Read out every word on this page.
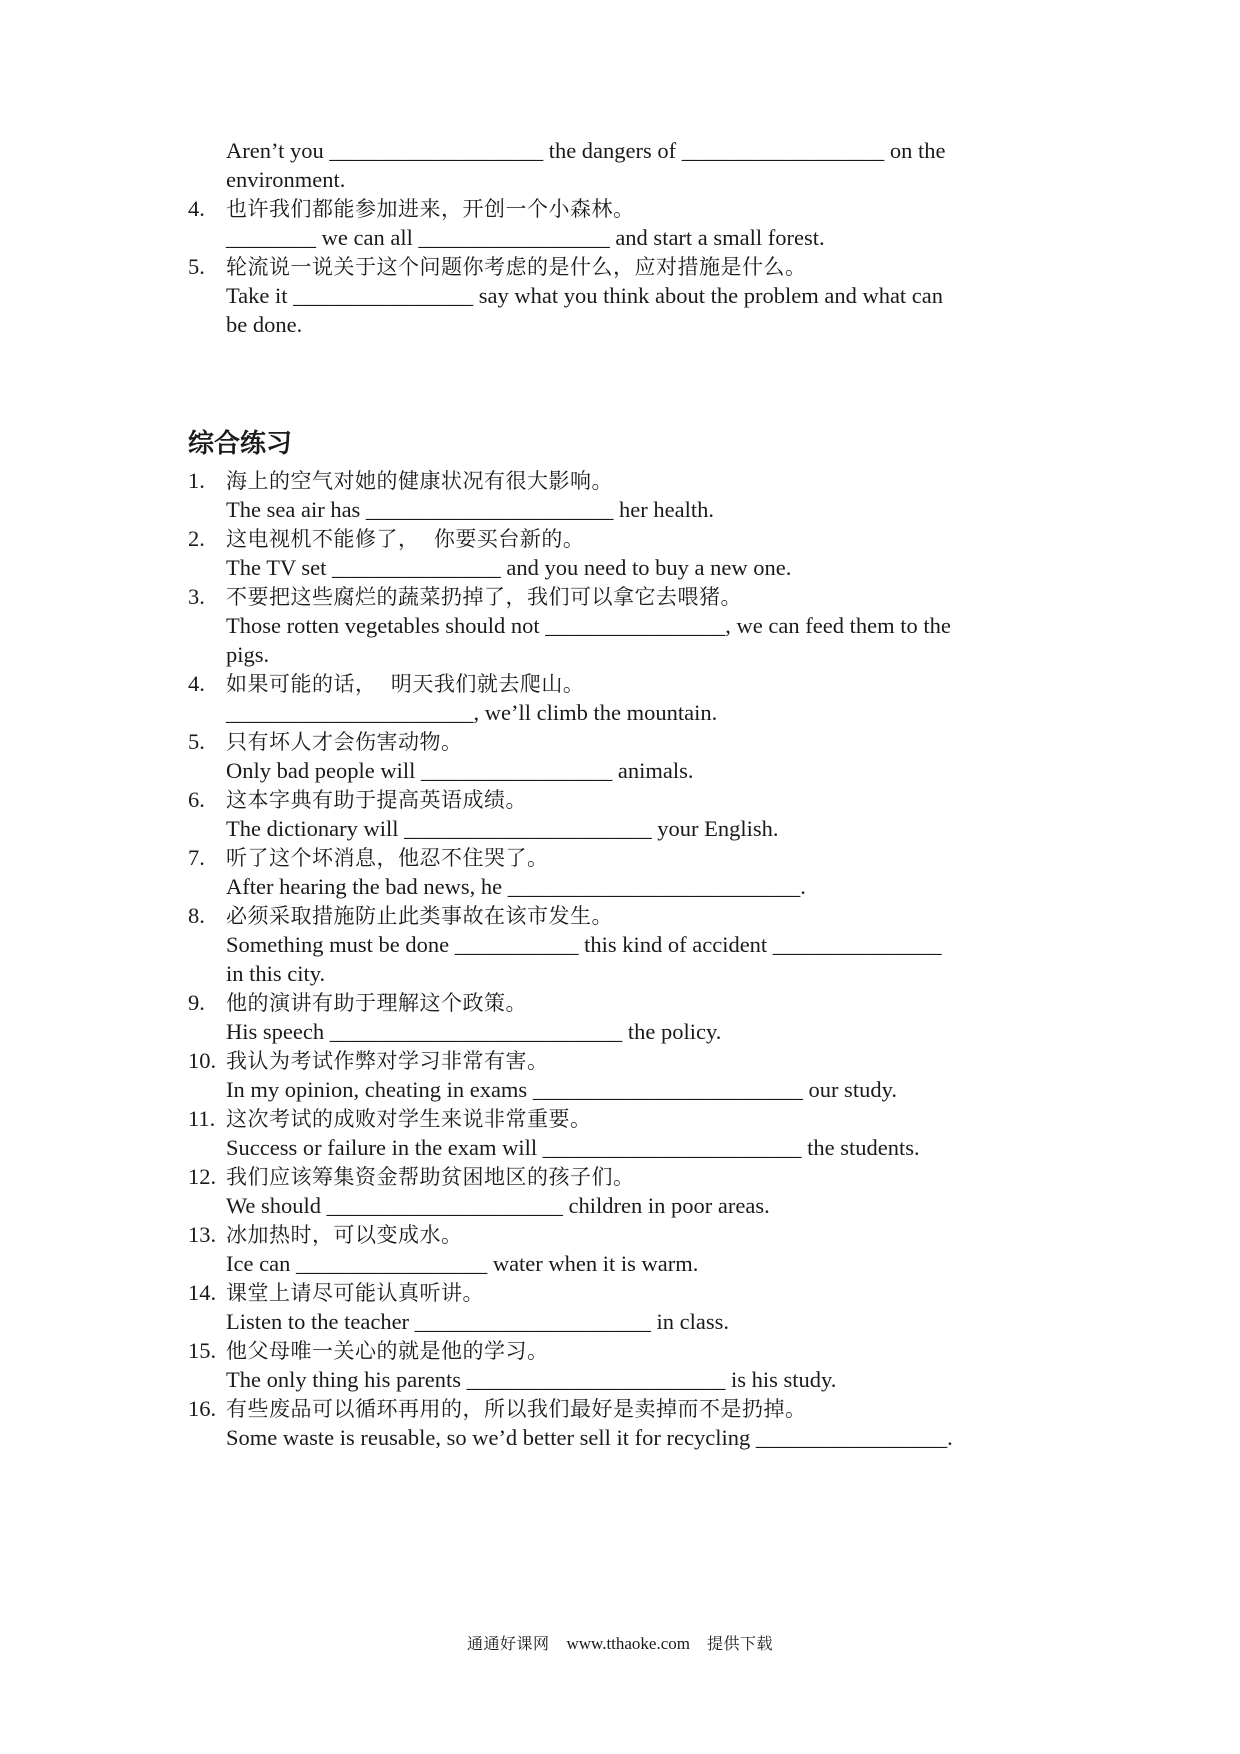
Aren’t you ___________________ the dangers of __________________ on the
environment.
4. 也许我们都能参加进来，开创一个小森林。
________ we can all _________________ and start a small forest.
5. 轮流说一说关于这个问题你考虑的是什么，应对措施是什么。
Take it ________________ say what you think about the problem and what can
be done.
综合练习
1. 海上的空气对她的健康状况有很大影响。
The sea air has ______________________ her health.
2. 这电视机不能修了，  你要买台新的。
The TV set _______________ and you need to buy a new one.
3. 不要把这些腐烂的蔬菜扔掉了，我们可以拿它去喂猪。
Those rotten vegetables should not ________________, we can feed them to the
pigs.
4. 如果可能的话，  明天我们就去爬山。
______________________, we’ll climb the mountain.
5. 只有坏人才会伤害动物。
Only bad people will _________________ animals.
6. 这本字典有助于提高英语成绩。
The dictionary will ______________________ your English.
7. 听了这个坏消息，他忍不住哭了。
After hearing the bad news, he __________________________.
8. 必须采取措施防止此类事故在该市发生。
Something must be done ___________ this kind of accident _______________
in this city.
9. 他的演讲有助于理解这个政策。
His speech __________________________ the policy.
10. 我认为考试作弊对学习非常有害。
In my opinion, cheating in exams ________________________ our study.
11. 这次考试的成败对学生来说非常重要。
Success or failure in the exam will _______________________ the students.
12. 我们应该筹集资金帮助贫困地区的孩子们。
We should _____________________ children in poor areas.
13. 冰加热时，可以变成水。
Ice can _________________ water when it is warm.
14. 课堂上请尽可能认真听讲。
Listen to the teacher _____________________ in class.
15. 他父母唯一关心的就是他的学习。
The only thing his parents _______________________ is his study.
16. 有些废品可以循环再用的，所以我们最好是卖掉而不是扔掉。
Some waste is reusable, so we’d better sell it for recycling _________________.
通通好课网 www.tthaoke.com 提供下载
